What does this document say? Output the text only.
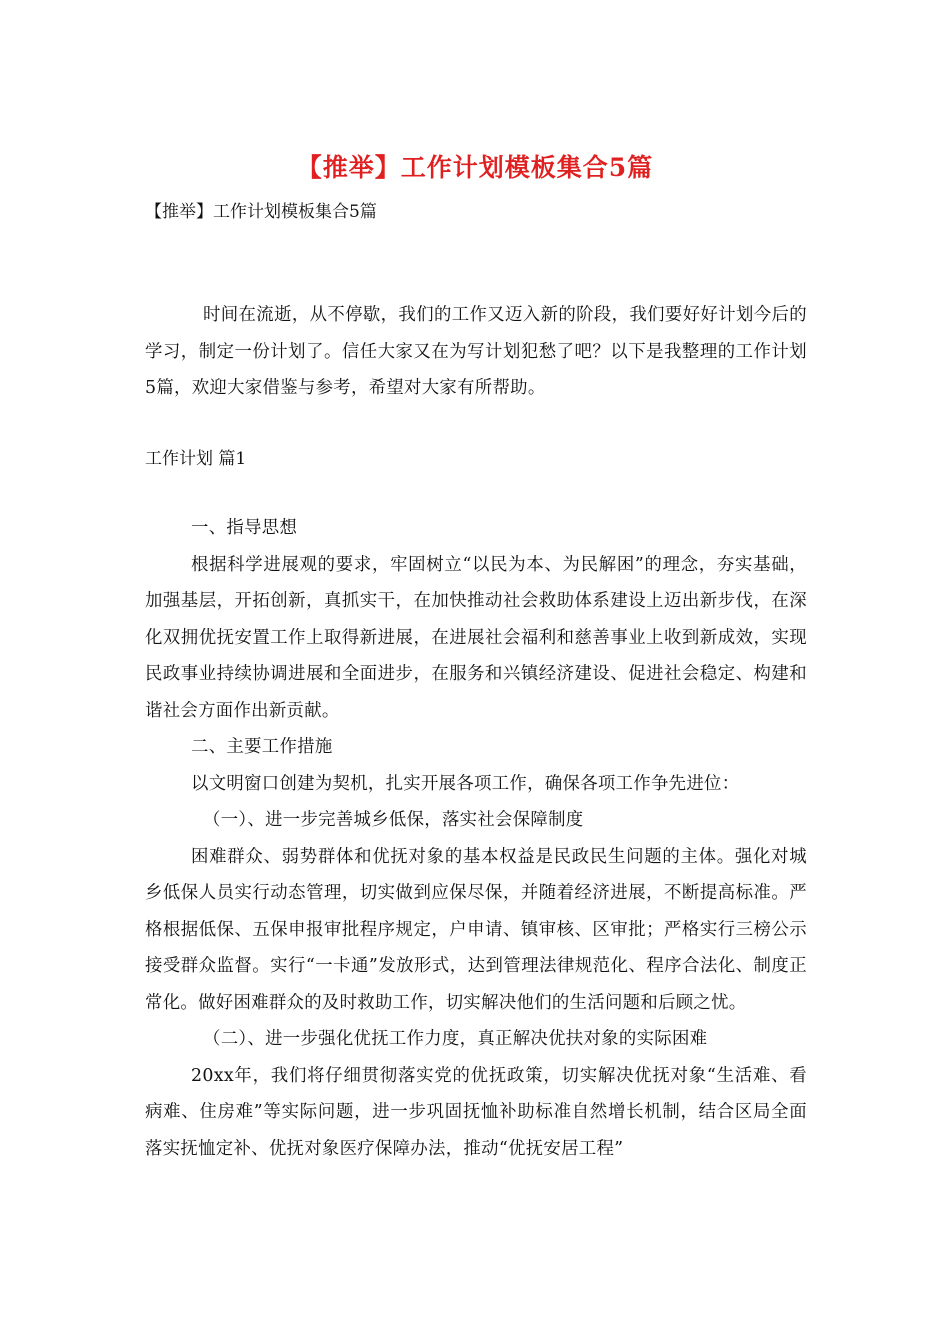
【推举】工作计划模板集合5篇
【推举】工作计划模板集合5篇

时间在流逝，从不停歇，我们的工作又迈入新的阶段，我们要好好计划今后的学习，制定一份计划了。信任大家又在为写计划犯愁了吧？以下是我整理的工作计划5篇，欢迎大家借鉴与参考，希望对大家有所帮助。

工作计划 篇1

一、指导思想

根据科学进展观的要求，牢固树立“以民为本、为民解困”的理念，夯实基础，加强基层，开拓创新，真抓实干，在加快推动社会救助体系建设上迈出新步伐，在深化双拥优抚安置工作上取得新进展，在进展社会福利和慈善事业上收到新成效，实现民政事业持续协调进展和全面进步，在服务和兴镇经济建设、促进社会稳定、构建和谐社会方面作出新贡献。

二、主要工作措施

以文明窗口创建为契机，扎实开展各项工作，确保各项工作争先进位：

（一）、进一步完善城乡低保，落实社会保障制度

困难群众、弱势群体和优抚对象的基本权益是民政民生问题的主体。强化对城乡低保人员实行动态管理，切实做到应保尽保，并随着经济进展，不断提高标准。严格根据低保、五保申报审批程序规定，户申请、镇审核、区审批；严格实行三榜公示接受群众监督。实行“一卡通”发放形式，达到管理法律规范化、程序合法化、制度正常化。做好困难群众的及时救助工作，切实解决他们的生活问题和后顾之忧。

（二）、进一步强化优抚工作力度，真正解决优扶对象的实际困难

20xx年，我们将仔细贯彻落实党的优抚政策，切实解决优抚对象“生活难、看病难、住房难”等实际问题，进一步巩固抚恤补助标准自然增长机制，结合区局全面落实抚恤定补、优抚对象医疗保障办法，推动“优抚安居工程”
